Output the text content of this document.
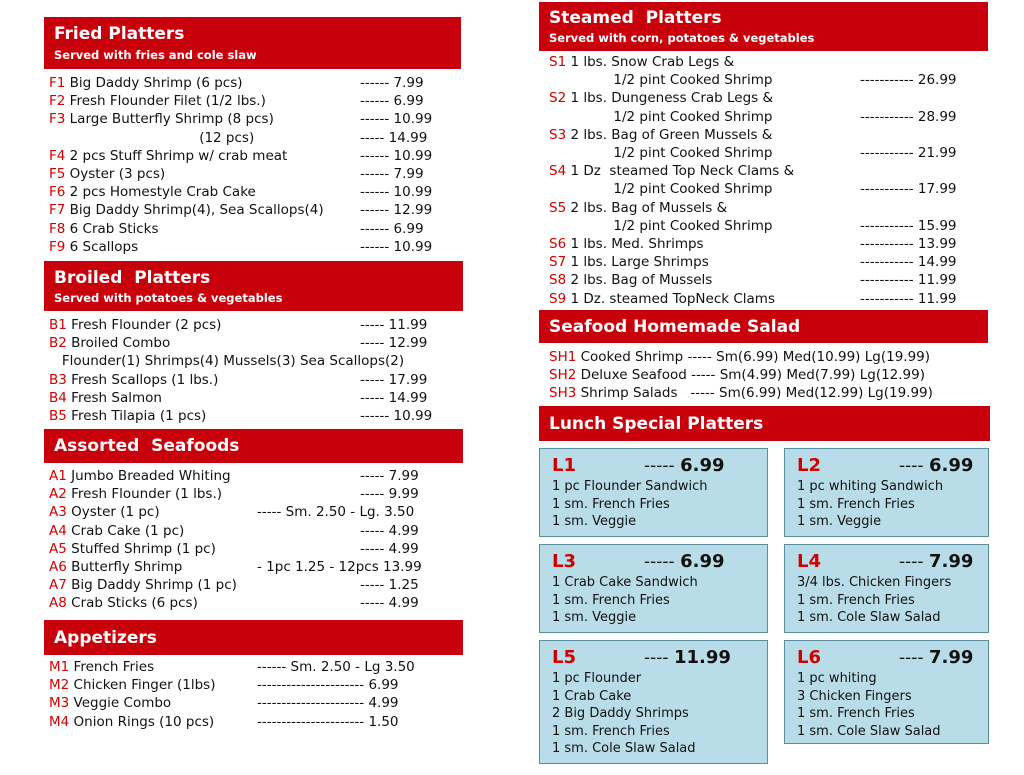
Fried Platters
Served with fries and cole slaw
F1 Big Daddy Shrimp (6 pcs)	------ 7.99
F2 Fresh Flounder Filet (1/2 lbs.)	------ 6.99
F3 Large Butterfly Shrimp (8 pcs)	------ 10.99
(12 pcs)	----- 14.99
F4 2 pcs Stuff Shrimp w/ crab meat	------ 10.99
F5 Oyster (3 pcs)	------ 7.99
F6 2 pcs Homestyle Crab Cake	------ 10.99
F7 Big Daddy Shrimp(4), Sea Scallops(4)	------ 12.99
F8 6 Crab Sticks	------ 6.99
F9 6 Scallops	------ 10.99
Broiled  Platters
Served with potatoes & vegetables
B1 Fresh Flounder (2 pcs)	----- 11.99
B2 Broiled Combo	----- 12.99
Flounder(1) Shrimps(4) Mussels(3) Sea Scallops(2)
B3 Fresh Scallops (1 lbs.)	----- 17.99
B4 Fresh Salmon	----- 14.99
B5 Fresh Tilapia (1 pcs)	------ 10.99
Assorted  Seafoods
A1 Jumbo Breaded Whiting	----- 7.99
A2 Fresh Flounder (1 lbs.)	----- 9.99
A3 Oyster (1 pc)	----- Sm. 2.50 - Lg. 3.50
A4 Crab Cake (1 pc)	----- 4.99
A5 Stuffed Shrimp (1 pc)	----- 4.99
A6 Butterfly Shrimp	- 1pc 1.25 - 12pcs 13.99
A7 Big Daddy Shrimp (1 pc)	----- 1.25
A8 Crab Sticks (6 pcs)	----- 4.99
Appetizers
M1 French Fries	------ Sm. 2.50 - Lg 3.50
M2 Chicken Finger (1lbs)	---------------------- 6.99
M3 Veggie Combo	---------------------- 4.99
M4 Onion Rings (10 pcs)	---------------------- 1.50
Steamed  Platters
Served with corn, potatoes & vegetables
S1 1 lbs. Snow Crab Legs &
1/2 pint Cooked Shrimp	----------- 26.99
S2 1 lbs. Dungeness Crab Legs &
1/2 pint Cooked Shrimp	----------- 28.99
S3 2 lbs. Bag of Green Mussels &
1/2 pint Cooked Shrimp	----------- 21.99
S4 1 Dz  steamed Top Neck Clams &
1/2 pint Cooked Shrimp	----------- 17.99
S5 2 lbs. Bag of Mussels &
1/2 pint Cooked Shrimp	----------- 15.99
S6 1 lbs. Med. Shrimps	----------- 13.99
S7 1 lbs. Large Shrimps	----------- 14.99
S8 2 lbs. Bag of Mussels	----------- 11.99
S9 1 Dz. steamed TopNeck Clams	----------- 11.99
Seafood Homemade Salad
SH1 Cooked Shrimp ----- Sm(6.99) Med(10.99) Lg(19.99)
SH2 Deluxe Seafood ----- Sm(4.99) Med(7.99) Lg(12.99)
SH3 Shrimp Salads   ----- Sm(6.99) Med(12.99) Lg(19.99)
Lunch Special Platters
L1	----- 6.99
1 pc Flounder Sandwich
1 sm. French Fries
1 sm. Veggie
L2	---- 6.99
1 pc whiting Sandwich
1 sm. French Fries
1 sm. Veggie
L3	----- 6.99
1 Crab Cake Sandwich
1 sm. French Fries
1 sm. Veggie
L4	---- 7.99
3/4 lbs. Chicken Fingers
1 sm. French Fries
1 sm. Cole Slaw Salad
L5	---- 11.99
1 pc Flounder
1 Crab Cake
2 Big Daddy Shrimps
1 sm. French Fries
1 sm. Cole Slaw Salad
L6	---- 7.99
1 pc whiting
3 Chicken Fingers
1 sm. French Fries
1 sm. Cole Slaw Salad
